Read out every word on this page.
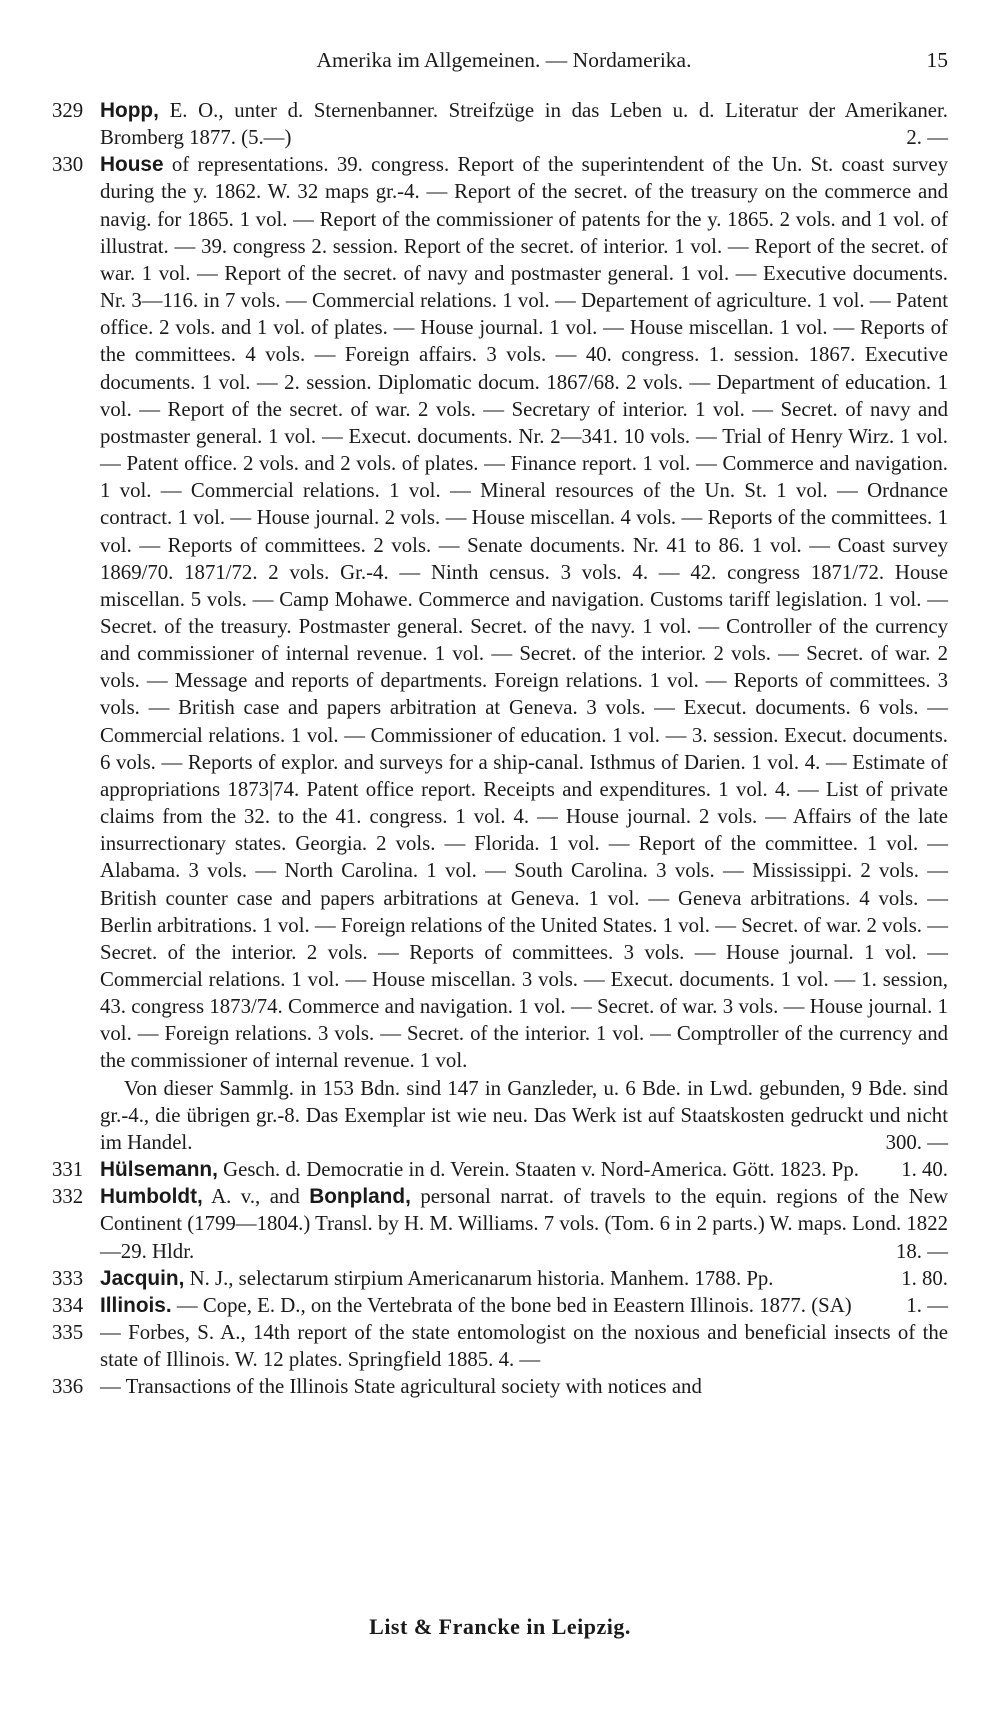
Amerika im Allgemeinen. — Nordamerika.	15
329 Hopp, E. O., unter d. Sternenbanner. Streifzüge in das Leben u. d. Literatur der Amerikaner. Bromberg 1877. (5.—)	2. —
330 House of representations. 39. congress. Report of the superintendent of the Un. St. coast survey during the y. 1862. W. 32 maps gr.-4. — Report of the secret. of the treasury on the commerce and navig. for 1865. 1 vol. — Report of the commissioner of patents for the y. 1865. 2 vols. and 1 vol. of illustrat. — 39. congress 2. session. Report of the secret. of interior. 1 vol. — Report of the secret. of war. 1 vol. — Report of the secret. of navy and postmaster general. 1 vol. — Executive documents. Nr. 3—116. in 7 vols. — Commercial relations. 1 vol. — Departement of agriculture. 1 vol. — Patent office. 2 vols. and 1 vol. of plates. — House journal. 1 vol. — House miscellan. 1 vol. — Reports of the committees. 4 vols. — Foreign affairs. 3 vols. — 40. congress. 1. session. 1867. Executive documents. 1 vol. — 2. session. Diplomatic docum. 1867/68. 2 vols. — Department of education. 1 vol. — Report of the secret. of war. 2 vols. — Secretary of interior. 1 vol. — Secret. of navy and postmaster general. 1 vol. — Execut. documents. Nr. 2—341. 10 vols. — Trial of Henry Wirz. 1 vol. — Patent office. 2 vols. and 2 vols. of plates. — Finance report. 1 vol. — Commerce and navigation. 1 vol. — Commercial relations. 1 vol. — Mineral resources of the Un. St. 1 vol. — Ordnance contract. 1 vol. — House journal. 2 vols. — House miscellan. 4 vols. — Reports of the committees. 1 vol. — Reports of committees. 2 vols. — Senate documents. Nr. 41 to 86. 1 vol. — Coast survey 1869/70. 1871/72. 2 vols. Gr.-4. — Ninth census. 3 vols. 4. — 42. congress 1871/72. House miscellan. 5 vols. — Camp Mohawe. Commerce and navigation. Customs tariff legislation. 1 vol. — Secret. of the treasury. Postmaster general. Secret. of the navy. 1 vol. — Controller of the currency and commissioner of internal revenue. 1 vol. — Secret. of the interior. 2 vols. — Secret. of war. 2 vols. — Message and reports of departments. Foreign relations. 1 vol. — Reports of committees. 3 vols. — British case and papers arbitration at Geneva. 3 vols. — Execut. documents. 6 vols. — Commercial relations. 1 vol. — Commissioner of education. 1 vol. — 3. session. Execut. documents. 6 vols. — Reports of explor. and surveys for a ship-canal. Isthmus of Darien. 1 vol. 4. — Estimate of appropriations 1873|74. Patent office report. Receipts and expenditures. 1 vol. 4. — List of private claims from the 32. to the 41. congress. 1 vol. 4. — House journal. 2 vols. — Affairs of the late insurrectionary states. Georgia. 2 vols. — Florida. 1 vol. — Report of the committee. 1 vol. — Alabama. 3 vols. — North Carolina. 1 vol. — South Carolina. 3 vols. — Mississippi. 2 vols. — British counter case and papers arbitrations at Geneva. 1 vol. — Geneva arbitrations. 4 vols. — Berlin arbitrations. 1 vol. — Foreign relations of the United States. 1 vol. — Secret. of war. 2 vols. — Secret. of the interior. 2 vols. — Reports of committees. 3 vols. — House journal. 1 vol. — Commercial relations. 1 vol. — House miscellan. 3 vols. — Execut. documents. 1 vol. — 1. session, 43. congress 1873/74. Commerce and navigation. 1 vol. — Secret. of war. 3 vols. — House journal. 1 vol. — Foreign relations. 3 vols. — Secret. of the interior. 1 vol. — Comptroller of the currency and the commissioner of internal revenue. 1 vol.
Von dieser Sammlg. in 153 Bdn. sind 147 in Ganzleder, u. 6 Bde. in Lwd. gebunden, 9 Bde. sind gr.-4., die übrigen gr.-8. Das Exemplar ist wie neu. Das Werk ist auf Staatskosten gedruckt und nicht im Handel.	300. —
331 Hülsemann, Gesch. d. Democratie in d. Verein. Staaten v. Nord-America. Gött. 1823. Pp.	1. 40.
332 Humboldt, A. v., and Bonpland, personal narrat. of travels to the equin. regions of the New Continent (1799—1804.) Transl. by H. M. Williams. 7 vols. (Tom. 6 in 2 parts.) W. maps. Lond. 1822—29. Hldr.	18. —
333 Jacquin, N. J., selectarum stirpium Americanarum historia. Manhem. 1788. Pp.	1. 80.
334 Illinois. — Cope, E. D., on the Vertebrata of the bone bed in Eeastern Illinois. 1877. (SA)	1. —
335 — Forbes, S. A., 14th report of the state entomologist on the noxious and beneficial insects of the state of Illinois. W. 12 plates. Springfield 1885. 4. —
336 — Transactions of the Illinois State agricultural society with notices and
List & Francke in Leipzig.
